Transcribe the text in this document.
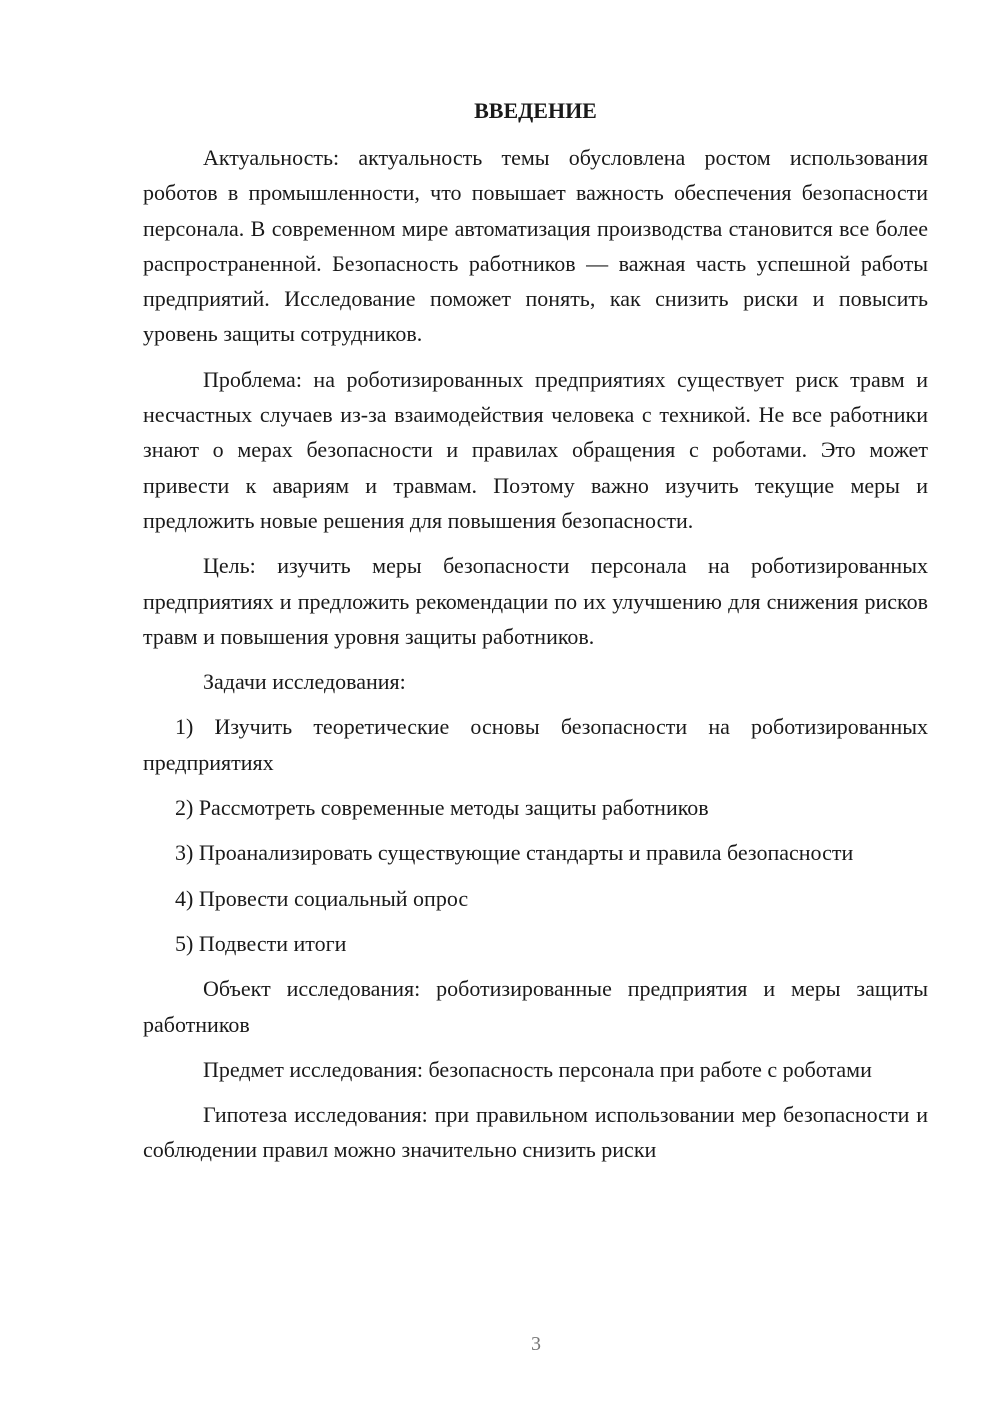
ВВЕДЕНИЕ

Актуальность: актуальность темы обусловлена ростом использования роботов в промышленности, что повышает важность обеспечения безопасности персонала. В современном мире автоматизация производства становится все более распространенной. Безопасность работников — важная часть успешной работы предприятий. Исследование поможет понять, как снизить риски и повысить уровень защиты сотрудников.

Проблема: на роботизированных предприятиях существует риск травм и несчастных случаев из-за взаимодействия человека с техникой. Не все работники знают о мерах безопасности и правилах обращения с роботами. Это может привести к авариям и травмам. Поэтому важно изучить текущие меры и предложить новые решения для повышения безопасности.

Цель: изучить меры безопасности персонала на роботизированных предприятиях и предложить рекомендации по их улучшению для снижения рисков травм и повышения уровня защиты работников.

Задачи исследования:

1) Изучить теоретические основы безопасности на роботизированных предприятиях

2) Рассмотреть современные методы защиты работников

3) Проанализировать существующие стандарты и правила безопасности

4) Провести социальный опрос

5) Подвести итоги

Объект исследования: роботизированные предприятия и меры защиты работников

Предмет исследования: безопасность персонала при работе с роботами

Гипотеза исследования: при правильном использовании мер безопасности и соблюдении правил можно значительно снизить риски

3
